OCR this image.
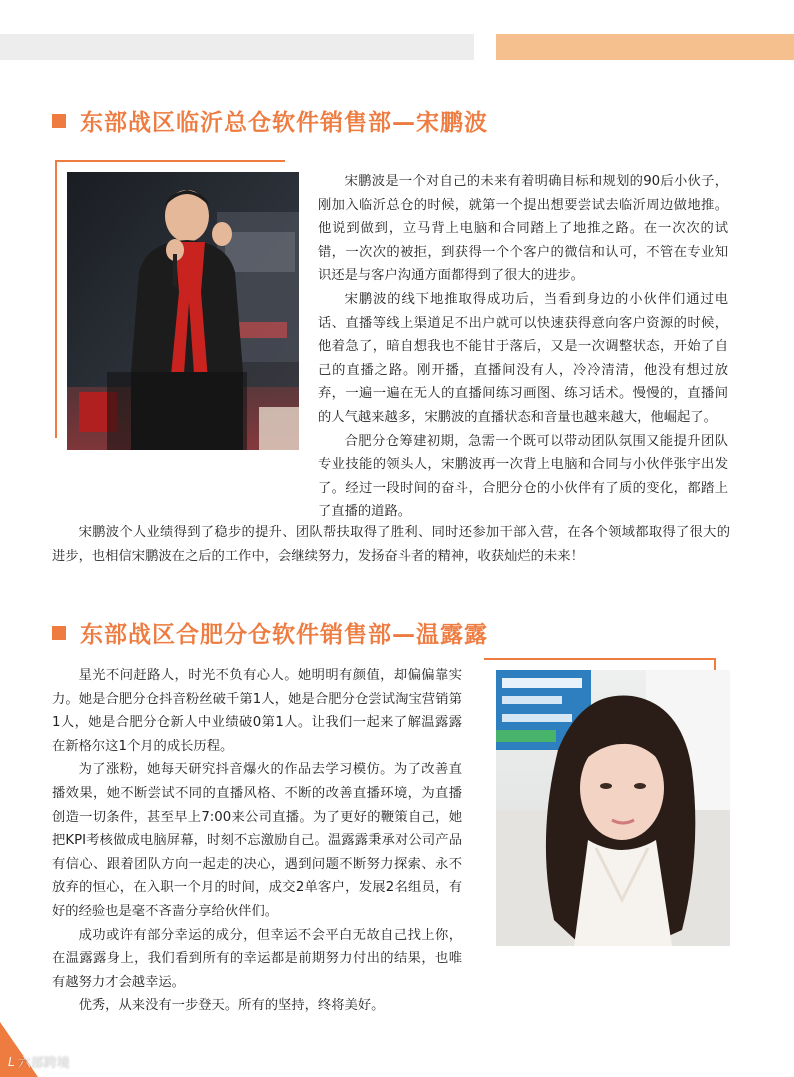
东部战区临沂总仓软件销售部—宋鹏波

宋鹏波是一个对自己的未来有着明确目标和规划的90后小伙子，刚加入临沂总仓的时候，就第一个提出想要尝试去临沂周边做地推。他说到做到，立马背上电脑和合同踏上了地推之路。在一次次的试错，一次次的被拒，到获得一个个客户的微信和认可，不管在专业知识还是与客户沟通方面都得到了很大的进步。

宋鹏波的线下地推取得成功后，当看到身边的小伙伴们通过电话、直播等线上渠道足不出户就可以快速获得意向客户资源的时候，他着急了，暗自想我也不能甘于落后，又是一次调整状态，开始了自己的直播之路。刚开播，直播间没有人，冷冷清清，他没有想过放弃，一遍一遍在无人的直播间练习画图、练习话术。慢慢的，直播间的人气越来越多，宋鹏波的直播状态和音量也越来越大，他崛起了。

合肥分仓筹建初期，急需一个既可以带动团队氛围又能提升团队专业技能的领头人，宋鹏波再一次背上电脑和合同与小伙伴张宇出发了。经过一段时间的奋斗，合肥分仓的小伙伴有了质的变化，都踏上了直播的道路。

宋鹏波个人业绩得到了稳步的提升、团队帮扶取得了胜利、同时还参加干部入营，在各个领域都取得了很大的进步，也相信宋鹏波在之后的工作中，会继续努力，发扬奋斗者的精神，收获灿烂的未来！

东部战区合肥分仓软件销售部—温露露

星光不问赶路人，时光不负有心人。她明明有颜值，却偏偏靠实力。她是合肥分仓抖音粉丝破千第1人，她是合肥分仓尝试淘宝营销第1人，她是合肥分仓新人中业绩破0第1人。让我们一起来了解温露露在新格尔这1个月的成长历程。

为了涨粉，她每天研究抖音爆火的作品去学习模仿。为了改善直播效果，她不断尝试不同的直播风格、不断的改善直播环境，为直播创造一切条件，甚至早上7:00来公司直播。为了更好的鞭策自己，她把KPI考核做成电脑屏幕，时刻不忘激励自己。温露露秉承对公司产品有信心、跟着团队方向一起走的决心，遇到问题不断努力探索、永不放弃的恒心，在入职一个月的时间，成交2单客户，发展2名组员，有好的经验也是毫不吝啬分享给伙伴们。

成功或许有部分幸运的成分，但幸运不会平白无故自己找上你，在温露露身上，我们看到所有的幸运都是前期努力付出的结果，也唯有越努力才会越幸运。

优秀，从来没有一步登天。所有的坚持，终将美好。

L 六部跨境
